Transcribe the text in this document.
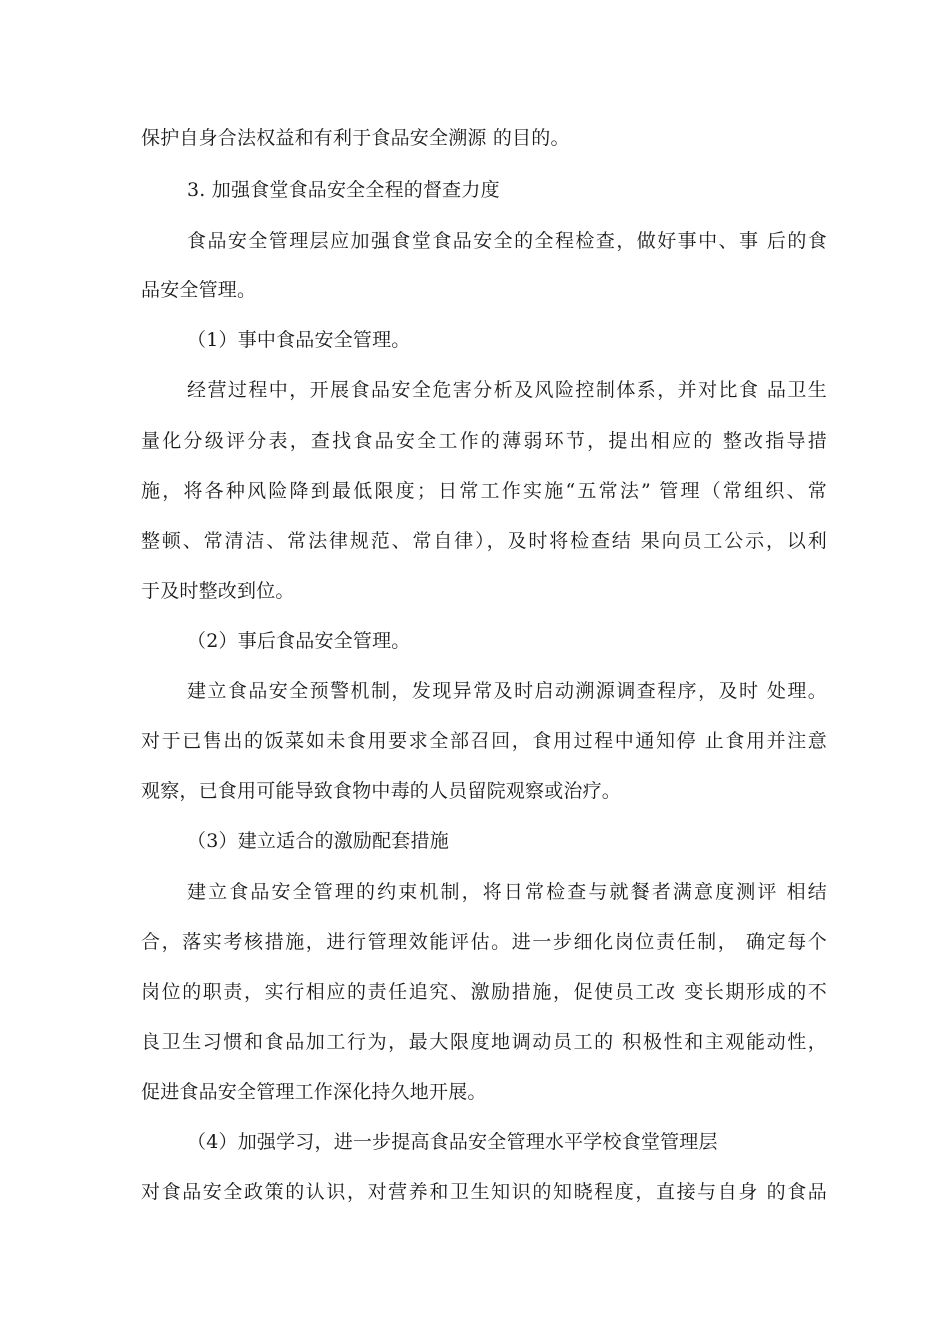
保护自身合法权益和有利于食品安全溯源 的目的。
3. 加强食堂食品安全全程的督查力度
食品安全管理层应加强食堂食品安全的全程检查，做好事中、事 后的食
品安全管理。
（1）事中食品安全管理。
经营过程中，开展食品安全危害分析及风险控制体系，并对比食 品卫生
量化分级评分表，查找食品安全工作的薄弱环节，提出相应的 整改指导措
施，将各种风险降到最低限度；日常工作实施“五常法” 管理（常组织、常
整顿、常清洁、常法律规范、常自律），及时将检查结 果向员工公示，以利
于及时整改到位。
（2）事后食品安全管理。
建立食品安全预警机制，发现异常及时启动溯源调查程序，及时 处理。
对于已售出的饭菜如未食用要求全部召回，食用过程中通知停 止食用并注意
观察，已食用可能导致食物中毒的人员留院观察或治疗。
（3）建立适合的激励配套措施
建立食品安全管理的约束机制，将日常检查与就餐者满意度测评 相结
合，落实考核措施，进行管理效能评估。进一步细化岗位责任制， 确定每个
岗位的职责，实行相应的责任追究、激励措施，促使员工改 变长期形成的不
良卫生习惯和食品加工行为，最大限度地调动员工的 积极性和主观能动性，
促进食品安全管理工作深化持久地开展。
（4）加强学习，进一步提高食品安全管理水平学校食堂管理层
对食品安全政策的认识，对营养和卫生知识的知晓程度，直接与自身 的食品
